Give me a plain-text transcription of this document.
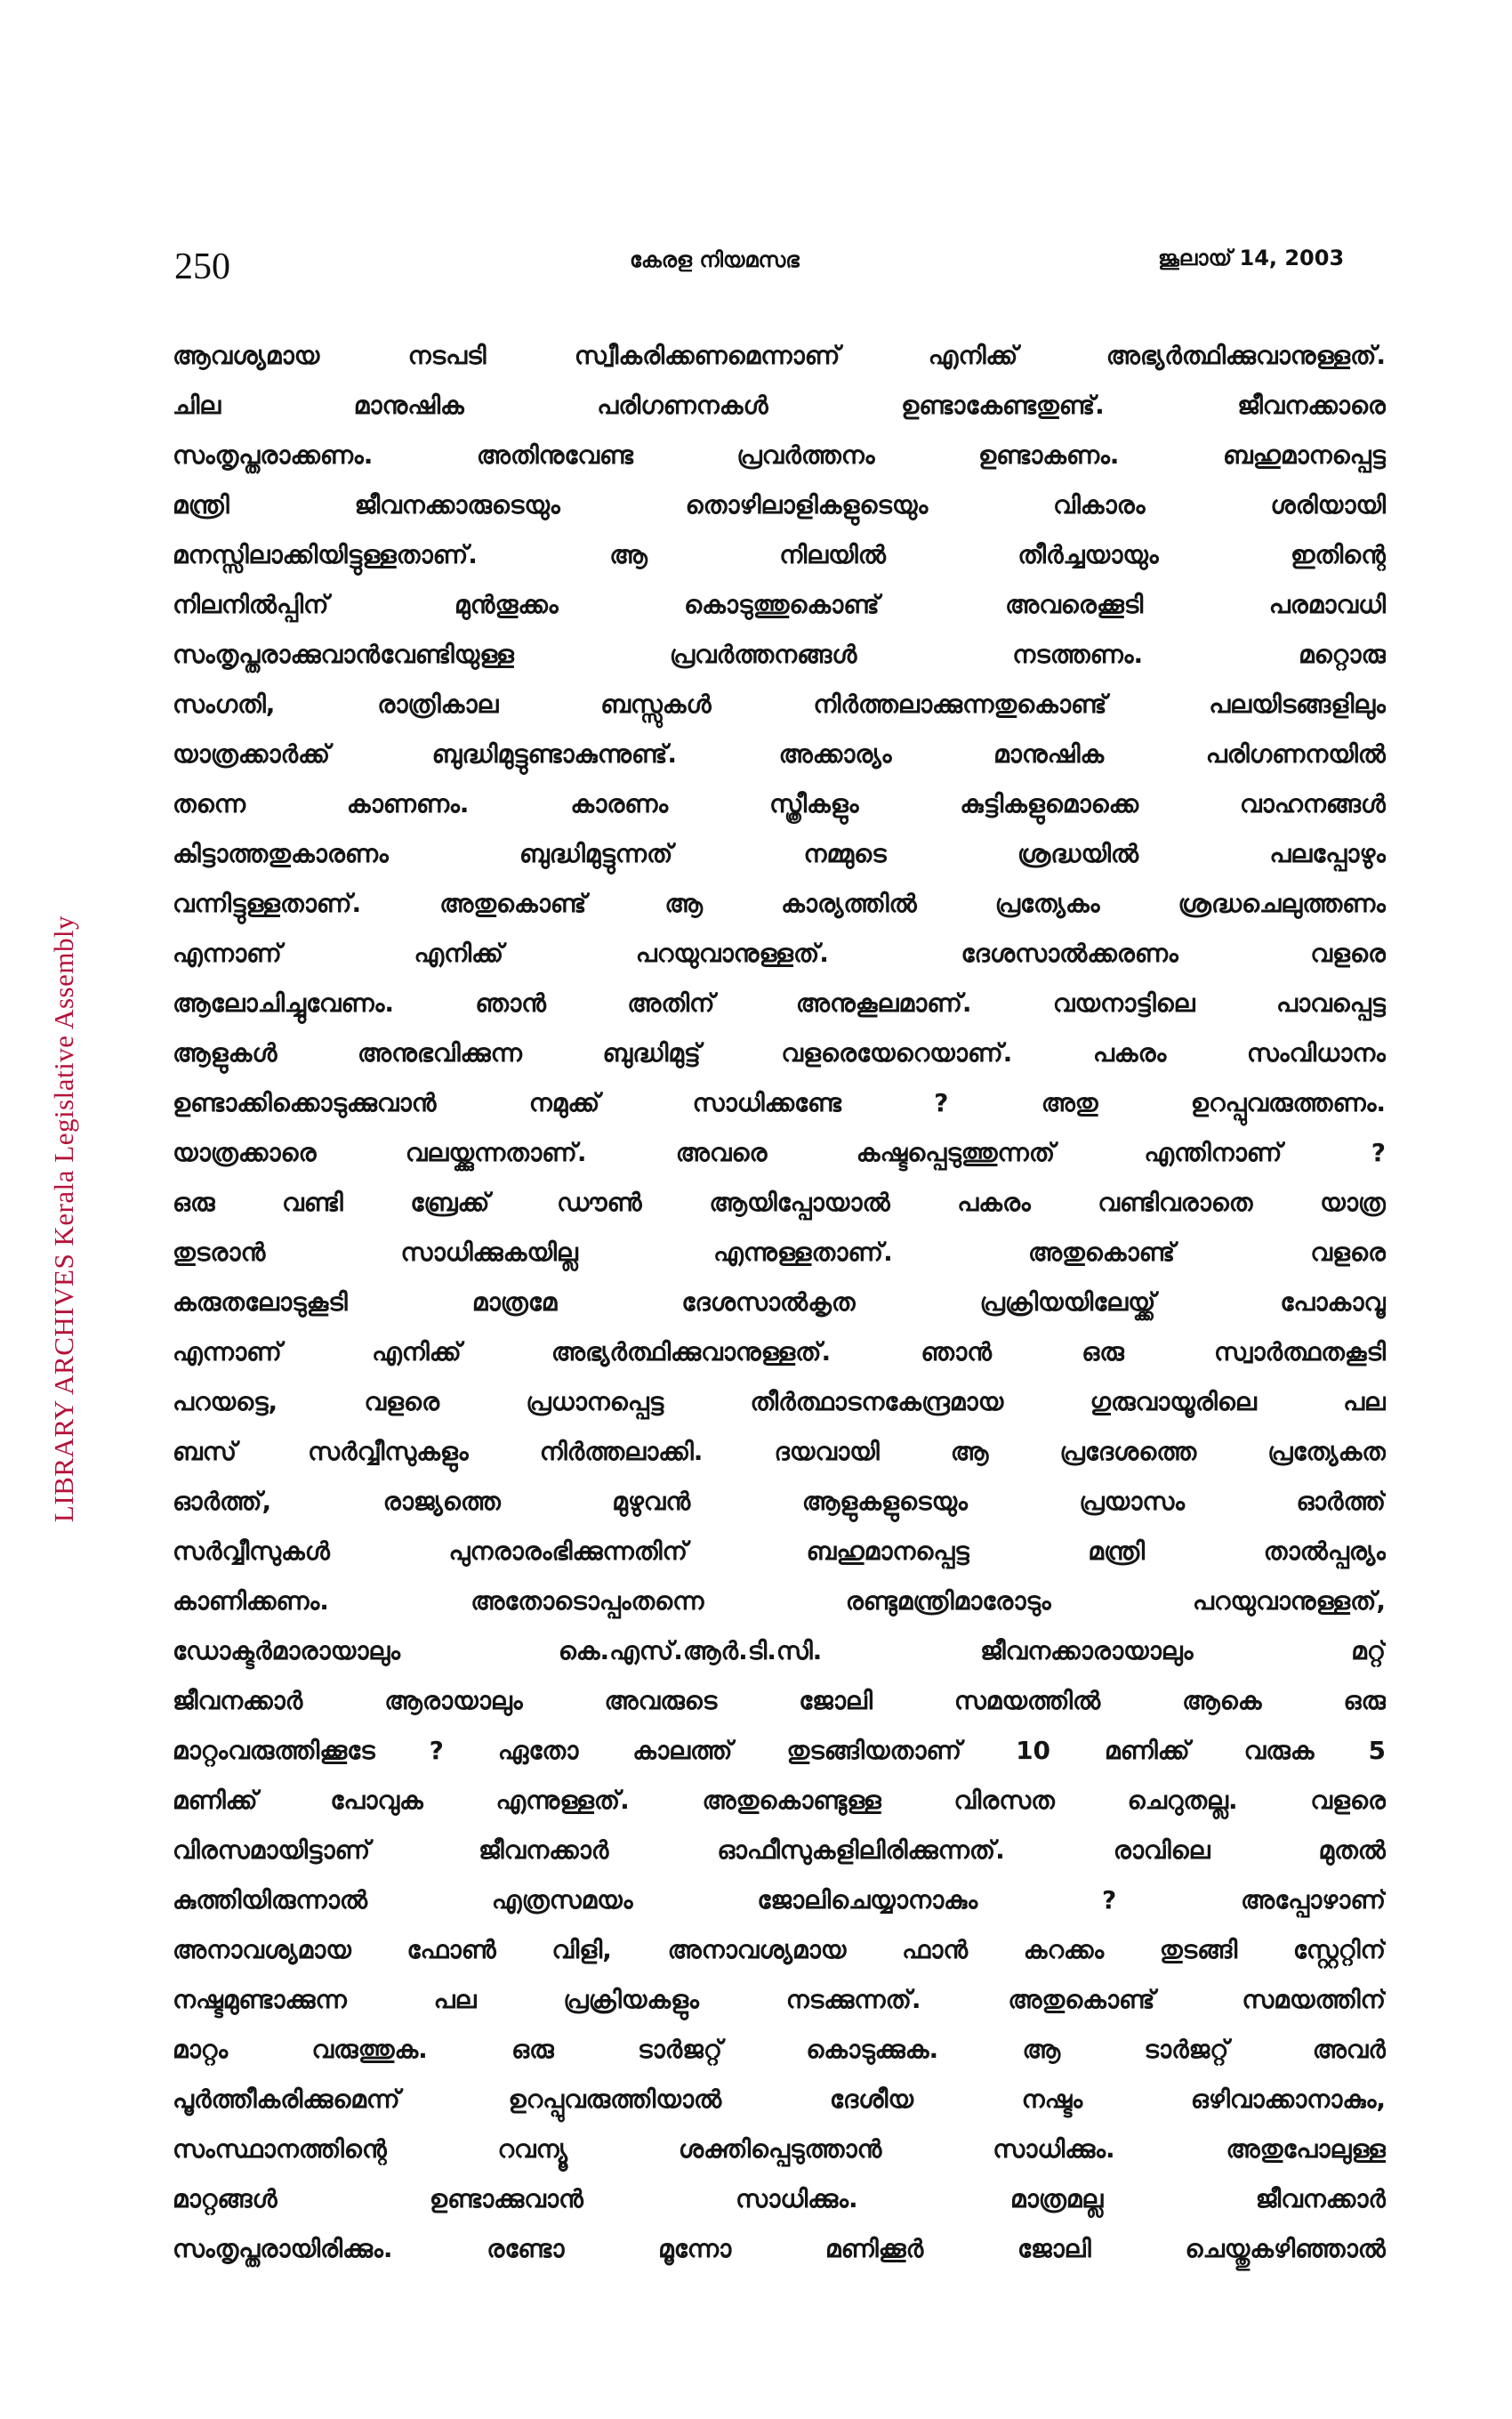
LIBRARY ARCHIVES Kerala Legislative Assembly
250	കേരള നിയമസഭ	ജൂലായ് 14, 2003
ആവശ്യമായ നടപടി സ്വീകരിക്കണമെന്നാണ് എനിക്ക് അഭ്യർത്ഥിക്കുവാനുള്ളത്.
ചില മാനുഷിക പരിഗണനകൾ ഉണ്ടാകേണ്ടതുണ്ട്. ജീവനക്കാരെ
സംതൃപ്തരാക്കണം. അതിനുവേണ്ട പ്രവർത്തനം ഉണ്ടാകണം. ബഹുമാനപ്പെട്ട
മന്ത്രി ജീവനക്കാരുടെയും തൊഴിലാളികളുടെയും വികാരം ശരിയായി
മനസ്സിലാക്കിയിട്ടുള്ളതാണ്. ആ നിലയിൽ തീർച്ചയായും ഇതിന്റെ
നിലനിൽപ്പിന് മുൻതൂക്കം കൊടുത്തുകൊണ്ട് അവരെക്കൂടി പരമാവധി
സംതൃപ്തരാക്കുവാൻവേണ്ടിയുള്ള പ്രവർത്തനങ്ങൾ നടത്തണം. മറ്റൊരു
സംഗതി, രാത്രികാല ബസ്സുകൾ നിർത്തലാക്കുന്നതുകൊണ്ട് പലയിടങ്ങളിലും
യാത്രക്കാർക്ക് ബുദ്ധിമുട്ടുണ്ടാകുന്നുണ്ട്. അക്കാര്യം മാനുഷിക പരിഗണനയിൽ
തന്നെ കാണണം. കാരണം സ്ത്രീകളും കുട്ടികളുമൊക്കെ വാഹനങ്ങൾ
കിട്ടാത്തതുകാരണം ബുദ്ധിമുട്ടുന്നത് നമ്മുടെ ശ്രദ്ധയിൽ പലപ്പോഴും
വന്നിട്ടുള്ളതാണ്. അതുകൊണ്ട് ആ കാര്യത്തിൽ പ്രത്യേകം ശ്രദ്ധചെലുത്തണം
എന്നാണ് എനിക്ക് പറയുവാനുള്ളത്. ദേശസാൽക്കരണം വളരെ
ആലോചിച്ചുവേണം. ഞാൻ അതിന് അനുകൂലമാണ്. വയനാട്ടിലെ പാവപ്പെട്ട
ആളുകൾ അനുഭവിക്കുന്ന ബുദ്ധിമുട്ട് വളരെയേറെയാണ്. പകരം സംവിധാനം
ഉണ്ടാക്കിക്കൊടുക്കുവാൻ നമുക്ക് സാധിക്കണ്ടേ ? അതു ഉറപ്പുവരുത്തണം.
യാത്രക്കാരെ വലയ്ക്കുന്നതാണ്. അവരെ കഷ്ടപ്പെടുത്തുന്നത് എന്തിനാണ് ?
ഒരു വണ്ടി ബ്രേക്ക് ഡൗൺ ആയിപ്പോയാൽ പകരം വണ്ടിവരാതെ യാത്ര
തുടരാൻ സാധിക്കുകയില്ല എന്നുള്ളതാണ്. അതുകൊണ്ട് വളരെ
കരുതലോടുകൂടി മാത്രമേ ദേശസാൽകൃത പ്രക്രിയയിലേയ്ക്ക് പോകാവൂ
എന്നാണ് എനിക്ക് അഭ്യർത്ഥിക്കുവാനുള്ളത്. ഞാൻ ഒരു സ്വാർത്ഥതകൂടി
പറയട്ടെ, വളരെ പ്രധാനപ്പെട്ട തീർത്ഥാടനകേന്ദ്രമായ ഗുരുവായൂരിലെ പല
ബസ് സർവ്വീസുകളും നിർത്തലാക്കി. ദയവായി ആ പ്രദേശത്തെ പ്രത്യേകത
ഓർത്ത്, രാജ്യത്തെ മുഴുവൻ ആളുകളുടെയും പ്രയാസം ഓർത്ത്
സർവ്വീസുകൾ പുനരാരംഭിക്കുന്നതിന് ബഹുമാനപ്പെട്ട മന്ത്രി താൽപ്പര്യം
കാണിക്കണം. അതോടൊപ്പംതന്നെ രണ്ടുമന്ത്രിമാരോടും പറയുവാനുള്ളത്,
ഡോക്ടർമാരായാലും കെ.എസ്.ആർ.ടി.സി. ജീവനക്കാരായാലും മറ്റ്
ജീവനക്കാർ ആരായാലും അവരുടെ ജോലി സമയത്തിൽ ആകെ ഒരു
മാറ്റംവരുത്തിക്കൂടേ ? ഏതോ കാലത്ത് തുടങ്ങിയതാണ് 10 മണിക്ക് വരുക 5
മണിക്ക് പോവുക എന്നുള്ളത്. അതുകൊണ്ടുള്ള വിരസത ചെറുതല്ല. വളരെ
വിരസമായിട്ടാണ് ജീവനക്കാർ ഓഫീസുകളിലിരിക്കുന്നത്. രാവിലെ മുതൽ
കുത്തിയിരുന്നാൽ എത്രസമയം ജോലിചെയ്യാനാകും ? അപ്പോഴാണ്
അനാവശ്യമായ ഫോൺ വിളി, അനാവശ്യമായ ഫാൻ കറക്കം തുടങ്ങി സ്റ്റേറ്റിന്
നഷ്ടമുണ്ടാക്കുന്ന പല പ്രക്രിയകളും നടക്കുന്നത്. അതുകൊണ്ട് സമയത്തിന്
മാറ്റം വരുത്തുക. ഒരു ടാർജറ്റ് കൊടുക്കുക. ആ ടാർജറ്റ് അവർ
പൂർത്തീകരിക്കുമെന്ന് ഉറപ്പുവരുത്തിയാൽ ദേശീയ നഷ്ടം ഒഴിവാക്കാനാകും,
സംസ്ഥാനത്തിന്റെ റവന്യൂ ശക്തിപ്പെടുത്താൻ സാധിക്കും. അതുപോലുള്ള
മാറ്റങ്ങൾ ഉണ്ടാക്കുവാൻ സാധിക്കും. മാത്രമല്ല ജീവനക്കാർ
സംതൃപ്തരായിരിക്കും. രണ്ടോ മൂന്നോ മണിക്കൂർ ജോലി ചെയ്തുകഴിഞ്ഞാൽ
